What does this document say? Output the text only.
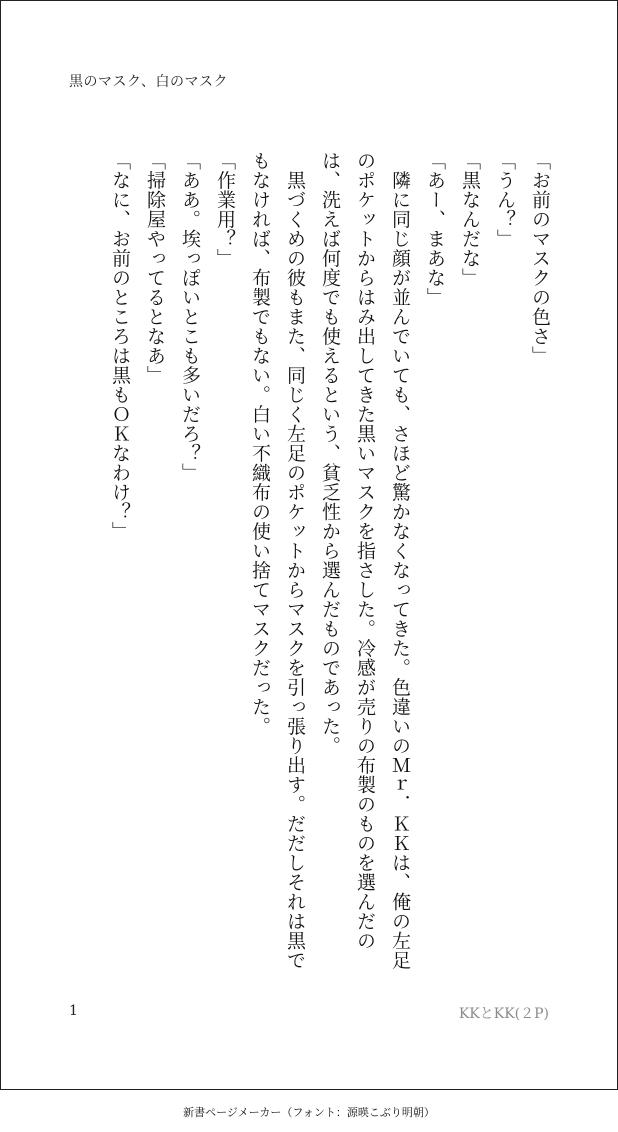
黒のマスク、白のマスク

「お前のマスクの色さ」

「うん？」

「黒なんだな」

「あー、まあな」

　隣に同じ顔が並んでいても、さほど驚かなくなってきた。色違いのＭｒ．ＫＫは、俺の左足のポケットからはみ出してきた黒いマスクを指さした。冷感が売りの布製のものを選んだのは、洗えば何度でも使えるという、貧乏性から選んだものであった。

　黒づくめの彼もまた、同じく左足のポケットからマスクを引っ張り出す。だだしそれは黒でもなければ、布製でもない。白い不織布の使い捨てマスクだった。

「作業用？」

「ああ。埃っぽいとこも多いだろ？」

「掃除屋やってるとなあ」

「なに、お前のところは黒もＯＫなわけ？」

1	KKとKK(２P)
新書ページメーカー（フォント：源暎こぶり明朝）
